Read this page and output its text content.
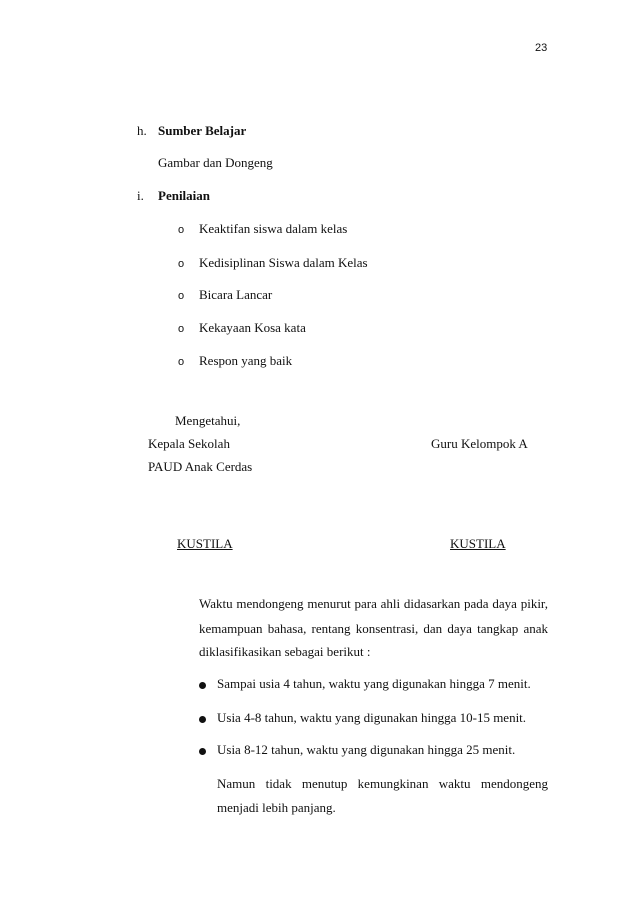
23
h. Sumber Belajar
Gambar dan Dongeng
i. Penilaian
o Keaktifan siswa dalam kelas
o Kedisiplinan Siswa dalam Kelas
o Bicara Lancar
o Kekayaan Kosa kata
o Respon yang baik
Mengetahui,
Kepala Sekolah	Guru Kelompok A
PAUD Anak Cerdas
KUSTILA	KUSTILA
Waktu mendongeng menurut para ahli didasarkan pada daya pikir,
kemampuan bahasa, rentang konsentrasi, dan daya tangkap anak
diklasifikasikan sebagai berikut :
Sampai usia 4 tahun, waktu yang digunakan hingga 7 menit.
Usia 4-8 tahun, waktu yang digunakan hingga 10-15 menit.
Usia 8-12 tahun, waktu yang digunakan hingga 25 menit.
Namun tidak menutup kemungkinan waktu mendongeng
menjadi lebih panjang.
